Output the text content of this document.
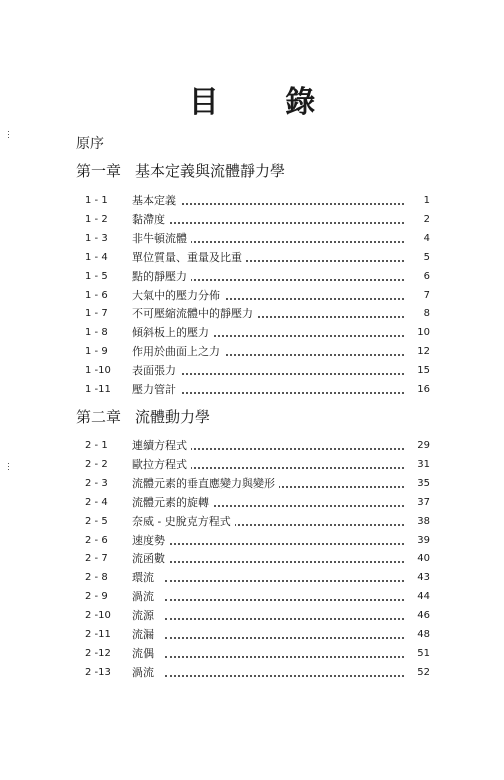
︙
︙
目 錄
原序
第一章 基本定義與流體靜力學
第二章 流體動力學
1 - 1	基本定義	1
1 - 2	黏滯度	2
1 - 3	非牛頓流體	4
1 - 4	單位質量、重量及比重	5
1 - 5	點的靜壓力	6
1 - 6	大氣中的壓力分佈	7
1 - 7	不可壓縮流體中的靜壓力	8
1 - 8	傾斜板上的壓力	10
1 - 9	作用於曲面上之力	12
1 -10	表面張力	15
1 -11	壓力管計	16
2 - 1	連續方程式	29
2 - 2	歐拉方程式	31
2 - 3	流體元素的垂直應變力與變形	35
2 - 4	流體元素的旋轉	37
2 - 5	奈威 - 史脫克方程式	38
2 - 6	速度勢	39
2 - 7	流函數	40
2 - 8	環流	43
2 - 9	渦流	44
2 -10	流源	46
2 -11	流漏	48
2 -12	流偶	51
2 -13	渦流	52
